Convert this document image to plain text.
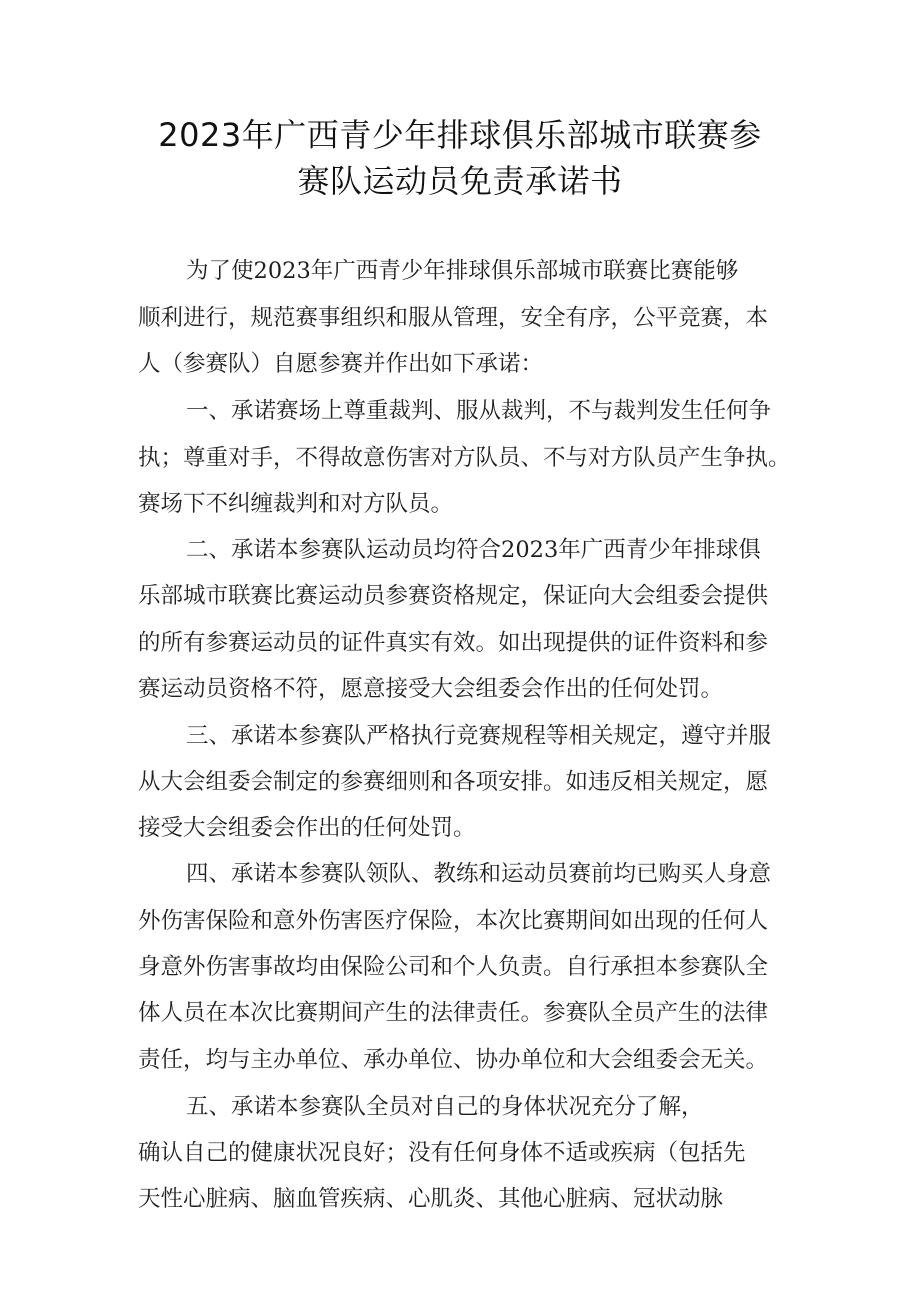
2023年广西青少年排球俱乐部城市联赛参
赛队运动员免责承诺书
为了使2023年广西青少年排球俱乐部城市联赛比赛能够
顺利进行，规范赛事组织和服从管理，安全有序，公平竞赛，本
人（参赛队）自愿参赛并作出如下承诺：
一、承诺赛场上尊重裁判、服从裁判，不与裁判发生任何争
执；尊重对手，不得故意伤害对方队员、不与对方队员产生争执。
赛场下不纠缠裁判和对方队员。
二、承诺本参赛队运动员均符合2023年广西青少年排球俱
乐部城市联赛比赛运动员参赛资格规定，保证向大会组委会提供
的所有参赛运动员的证件真实有效。如出现提供的证件资料和参
赛运动员资格不符，愿意接受大会组委会作出的任何处罚。
三、承诺本参赛队严格执行竞赛规程等相关规定，遵守并服
从大会组委会制定的参赛细则和各项安排。如违反相关规定，愿
接受大会组委会作出的任何处罚。
四、承诺本参赛队领队、教练和运动员赛前均已购买人身意
外伤害保险和意外伤害医疗保险，本次比赛期间如出现的任何人
身意外伤害事故均由保险公司和个人负责。自行承担本参赛队全
体人员在本次比赛期间产生的法律责任。参赛队全员产生的法律
责任，均与主办单位、承办单位、协办单位和大会组委会无关。
五、承诺本参赛队全员对自己的身体状况充分了解，
确认自己的健康状况良好；没有任何身体不适或疾病（包括先
天性心脏病、脑血管疾病、心肌炎、其他心脏病、冠状动脉
